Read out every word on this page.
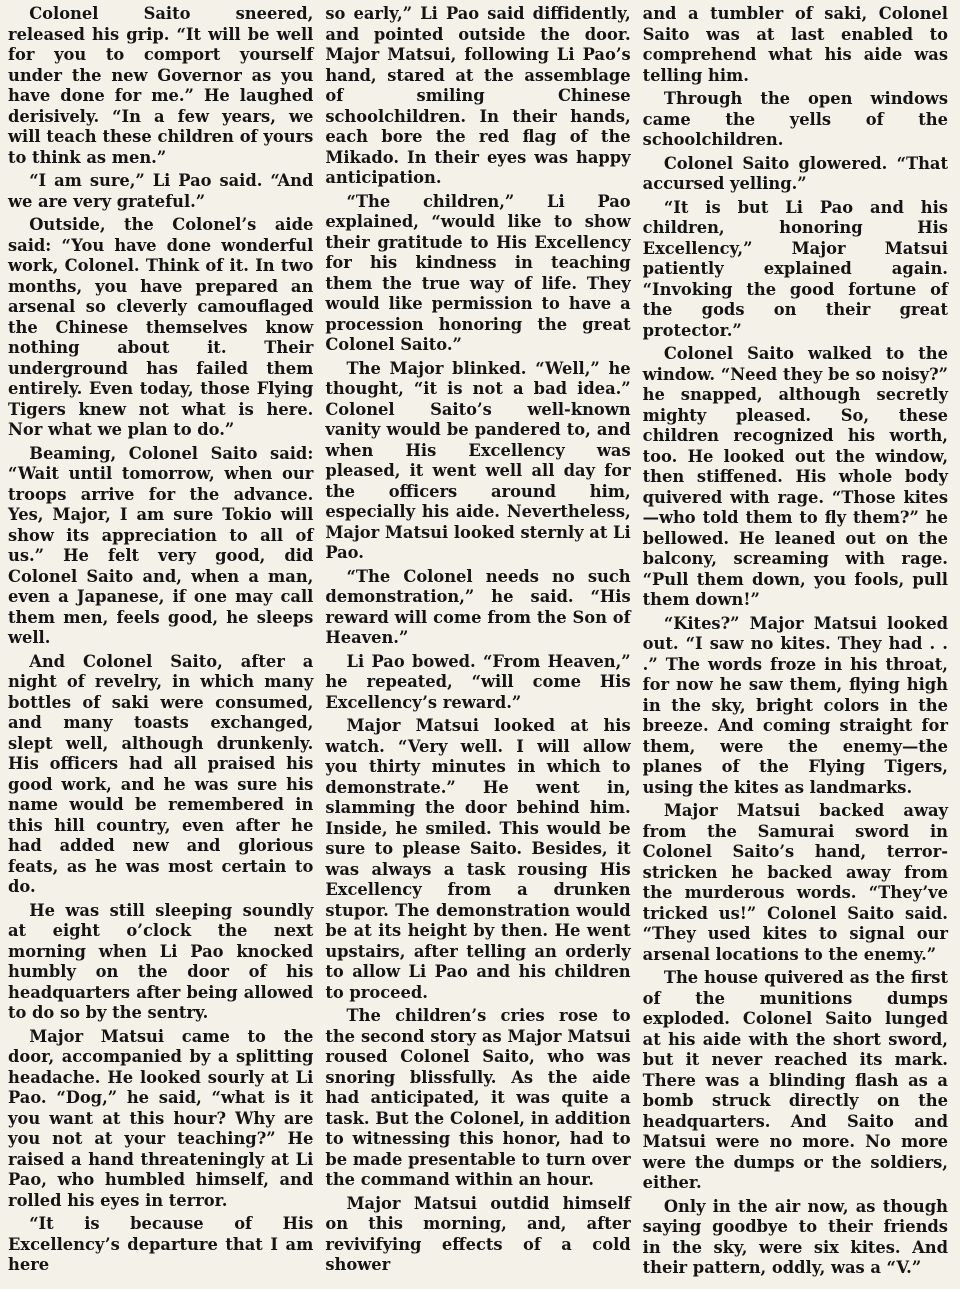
Colonel Saito sneered, released his grip. “It will be well for you to comport yourself under the new Governor as you have done for me.” He laughed derisively. “In a few years, we will teach these children of yours to think as men.”

“I am sure,” Li Pao said. “And we are very grateful.”

Outside, the Colonel’s aide said: “You have done wonderful work, Colonel. Think of it. In two months, you have prepared an arsenal so cleverly camouflaged the Chinese themselves know nothing about it. Their underground has failed them entirely. Even today, those Flying Tigers knew not what is here. Nor what we plan to do.”

Beaming, Colonel Saito said: “Wait until tomorrow, when our troops arrive for the advance. Yes, Major, I am sure Tokio will show its appreciation to all of us.” He felt very good, did Colonel Saito and, when a man, even a Japanese, if one may call them men, feels good, he sleeps well.

And Colonel Saito, after a night of revelry, in which many bottles of saki were consumed, and many toasts exchanged, slept well, although drunkenly. His officers had all praised his good work, and he was sure his name would be remembered in this hill country, even after he had added new and glorious feats, as he was most certain to do.

He was still sleeping soundly at eight o’clock the next morning when Li Pao knocked humbly on the door of his headquarters after being allowed to do so by the sentry.

Major Matsui came to the door, accompanied by a splitting headache. He looked sourly at Li Pao. “Dog,” he said, “what is it you want at this hour? Why are you not at your teaching?” He raised a hand threateningly at Li Pao, who humbled himself, and rolled his eyes in terror.

“It is because of His Excellency’s departure that I am here

so early,” Li Pao said diffidently, and pointed outside the door. Major Matsui, following Li Pao’s hand, stared at the assemblage of smiling Chinese schoolchildren. In their hands, each bore the red flag of the Mikado. In their eyes was happy anticipation.

“The children,” Li Pao explained, “would like to show their gratitude to His Excellency for his kindness in teaching them the true way of life. They would like permission to have a procession honoring the great Colonel Saito.”

The Major blinked. “Well,” he thought, “it is not a bad idea.” Colonel Saito’s well-known vanity would be pandered to, and when His Excellency was pleased, it went well all day for the officers around him, especially his aide. Nevertheless, Major Matsui looked sternly at Li Pao.

“The Colonel needs no such demonstration,” he said. “His reward will come from the Son of Heaven.”

Li Pao bowed. “From Heaven,” he repeated, “will come His Excellency’s reward.”

Major Matsui looked at his watch. “Very well. I will allow you thirty minutes in which to demonstrate.” He went in, slamming the door behind him. Inside, he smiled. This would be sure to please Saito. Besides, it was always a task rousing His Excellency from a drunken stupor. The demonstration would be at its height by then. He went upstairs, after telling an orderly to allow Li Pao and his children to proceed.

The children’s cries rose to the second story as Major Matsui roused Colonel Saito, who was snoring blissfully. As the aide had anticipated, it was quite a task. But the Colonel, in addition to witnessing this honor, had to be made presentable to turn over the command within an hour.

Major Matsui outdid himself on this morning, and, after revivifying effects of a cold shower

and a tumbler of saki, Colonel Saito was at last enabled to comprehend what his aide was telling him.

Through the open windows came the yells of the schoolchildren.

Colonel Saito glowered. “That accursed yelling.”

“It is but Li Pao and his children, honoring His Excellency,” Major Matsui patiently explained again. “Invoking the good fortune of the gods on their great protector.”

Colonel Saito walked to the window. “Need they be so noisy?” he snapped, although secretly mighty pleased. So, these children recognized his worth, too. He looked out the window, then stiffened. His whole body quivered with rage. “Those kites —who told them to fly them?” he bellowed. He leaned out on the balcony, screaming with rage. “Pull them down, you fools, pull them down!”

“Kites?” Major Matsui looked out. “I saw no kites. They had . . .” The words froze in his throat, for now he saw them, flying high in the sky, bright colors in the breeze. And coming straight for them, were the enemy—the planes of the Flying Tigers, using the kites as landmarks.

Major Matsui backed away from the Samurai sword in Colonel Saito’s hand, terror-stricken he backed away from the murderous words. “They’ve tricked us!” Colonel Saito said. “They used kites to signal our arsenal locations to the enemy.”

The house quivered as the first of the munitions dumps exploded. Colonel Saito lunged at his aide with the short sword, but it never reached its mark. There was a blinding flash as a bomb struck directly on the headquarters. And Saito and Matsui were no more. No more were the dumps or the soldiers, either.

Only in the air now, as though saying goodbye to their friends in the sky, were six kites. And their pattern, oddly, was a “V.”
